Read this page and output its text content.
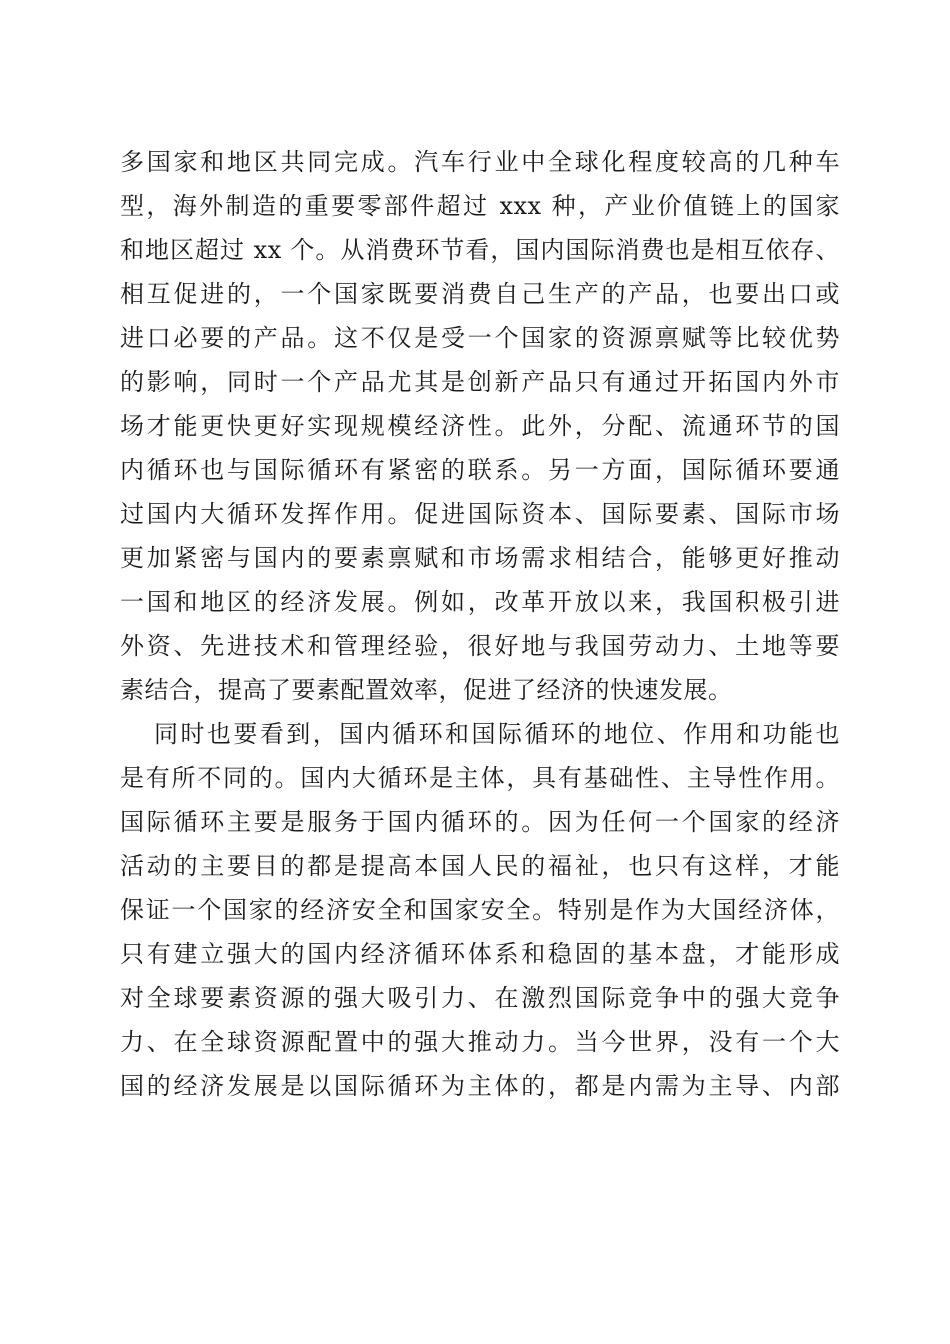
多国家和地区共同完成。汽车行业中全球化程度较高的几种车
型，海外制造的重要零部件超过 xxx 种，产业价值链上的国家
和地区超过 xx 个。从消费环节看，国内国际消费也是相互依存、
相互促进的，一个国家既要消费自己生产的产品，也要出口或
进口必要的产品。这不仅是受一个国家的资源禀赋等比较优势
的影响，同时一个产品尤其是创新产品只有通过开拓国内外市
场才能更快更好实现规模经济性。此外，分配、流通环节的国
内循环也与国际循环有紧密的联系。另一方面，国际循环要通
过国内大循环发挥作用。促进国际资本、国际要素、国际市场
更加紧密与国内的要素禀赋和市场需求相结合，能够更好推动
一国和地区的经济发展。例如，改革开放以来，我国积极引进
外资、先进技术和管理经验，很好地与我国劳动力、土地等要
素结合，提高了要素配置效率，促进了经济的快速发展。
同时也要看到，国内循环和国际循环的地位、作用和功能也
是有所不同的。国内大循环是主体，具有基础性、主导性作用。
国际循环主要是服务于国内循环的。因为任何一个国家的经济
活动的主要目的都是提高本国人民的福祉，也只有这样，才能
保证一个国家的经济安全和国家安全。特别是作为大国经济体，
只有建立强大的国内经济循环体系和稳固的基本盘，才能形成
对全球要素资源的强大吸引力、在激烈国际竞争中的强大竞争
力、在全球资源配置中的强大推动力。当今世界，没有一个大
国的经济发展是以国际循环为主体的，都是内需为主导、内部
